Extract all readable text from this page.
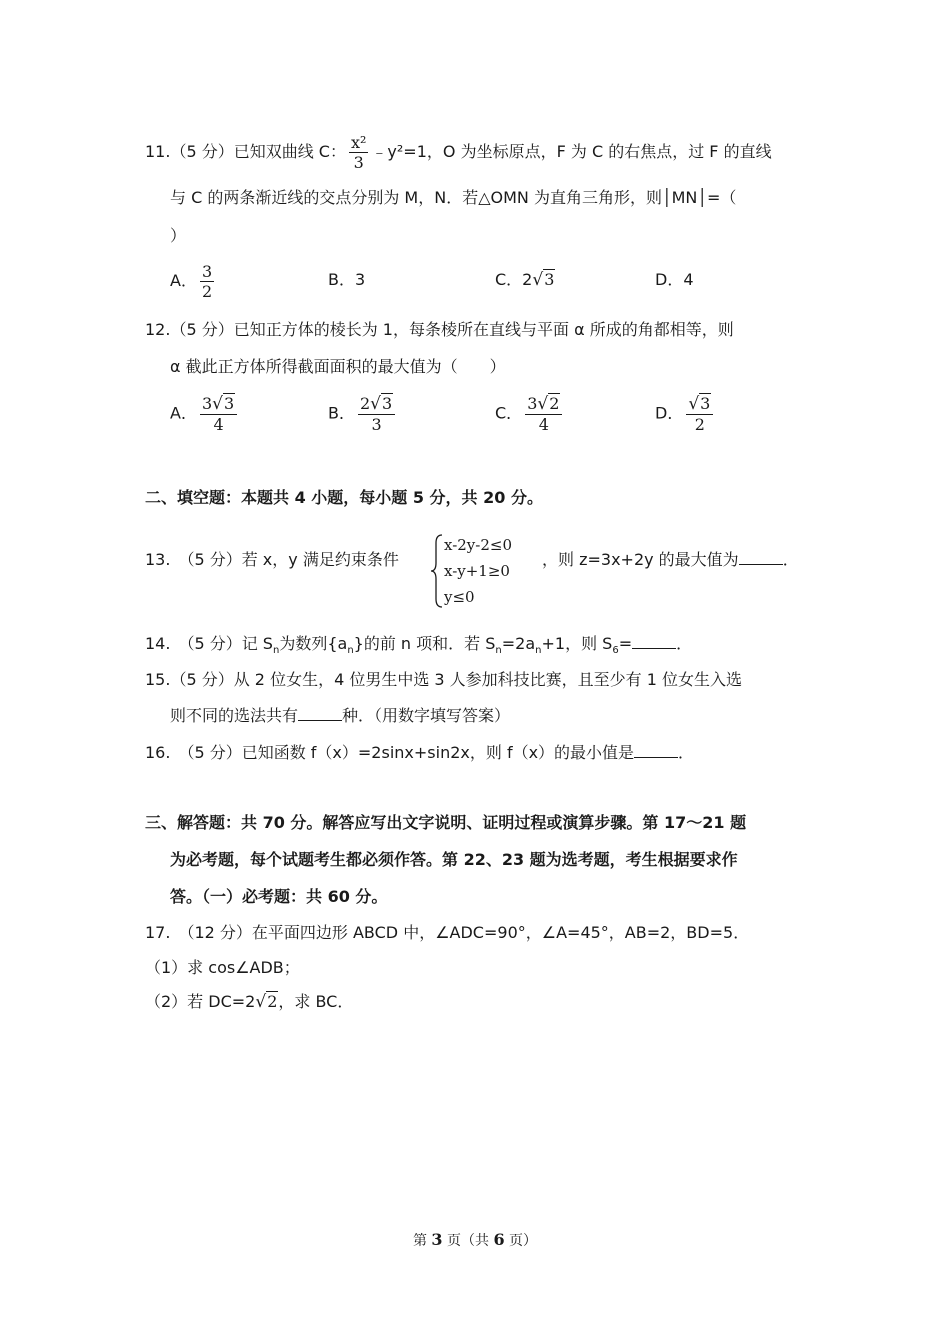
11.（5 分）已知双曲线 C： $\frac{\text{x²}}{3}$ ﹣y²=1，O 为坐标原点，F 为 C 的右焦点，过 F 的直线
与 C 的两条渐近线的交点分别为 M，N．若△OMN 为直角三角形，则│MN│=（
）
A． $\frac{3}{2}$	B．3	C．2√3	D．4
12.（5 分）已知正方体的棱长为 1，每条棱所在直线与平面 α 所成的角都相等，则
α 截此正方体所得截面面积的最大值为（　　）
A． $\frac{3√3}{4}$	B． $\frac{2√3}{3}$	C． $\frac{3√2}{4}$	D． $\frac{√3}{2}$
二、填空题：本题共 4 小题，每小题 5 分，共 20 分。
13.　（5 分）若 x，y 满足约束条件
x-2y-2≤0
x-y+1≥0
y≤0
，则 z=3x+2y 的最大值为	．
14.　（5 分）记 $S_n$为数列$\{a_n\}$的前 n 项和．若 $S_n=2a_n+1$，则 $S_6=$	．
15.（5 分）从 2 位女生，4 位男生中选 3 人参加科技比赛，且至少有 1 位女生入选
则不同的选法共有	种．（用数字填写答案）
16.　（5 分）已知函数 f（x）=2sinx+sin2x，则 f（x）的最小值是	．
三、解答题：共 70 分。解答应写出文字说明、证明过程或演算步骤。第 17～21 题
为必考题，每个试题考生都必须作答。第 22、23 题为选考题，考生根据要求作
答。（一）必考题：共 60 分。
17.　（12 分）在平面四边形 ABCD 中，∠ADC=90°，∠A=45°，AB=2，BD=5．
（1）求 cos∠ADB；
（2）若 DC=2√2，求 BC．
第 3 页（共 6 页）
